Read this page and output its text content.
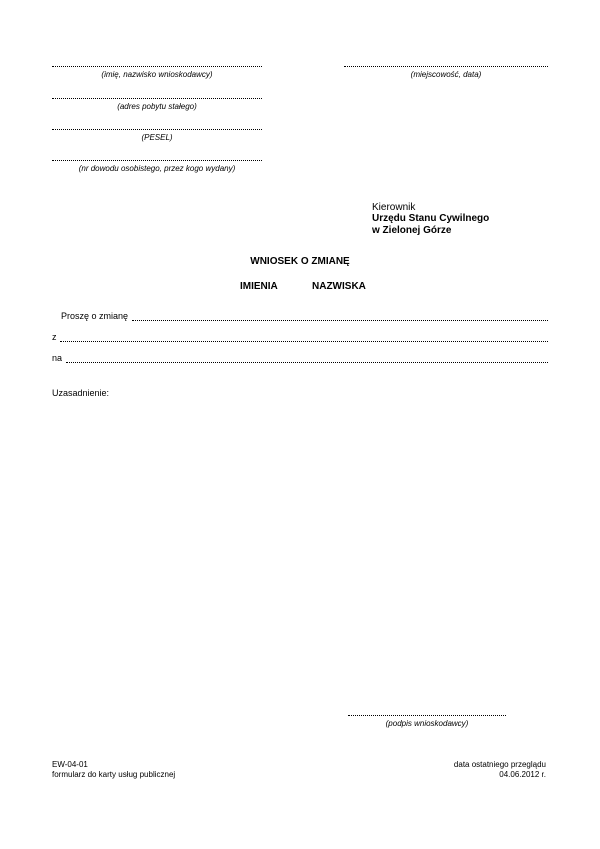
(imię, nazwisko wnioskodawcy)
(adres pobytu stałego)
(PESEL)
(nr dowodu osobistego, przez kogo wydany)
(miejscowość, data)
Kierownik
Urzędu Stanu Cywilnego
w Zielonej Górze
WNIOSEK O ZMIANĘ
IMIENIA	NAZWISKA
Proszę o zmianę
z
na
Uzasadnienie:
(podpis wnioskodawcy)
EW-04-01
formularz do karty usług publicznej
data ostatniego przeglądu
04.06.2012 r.
